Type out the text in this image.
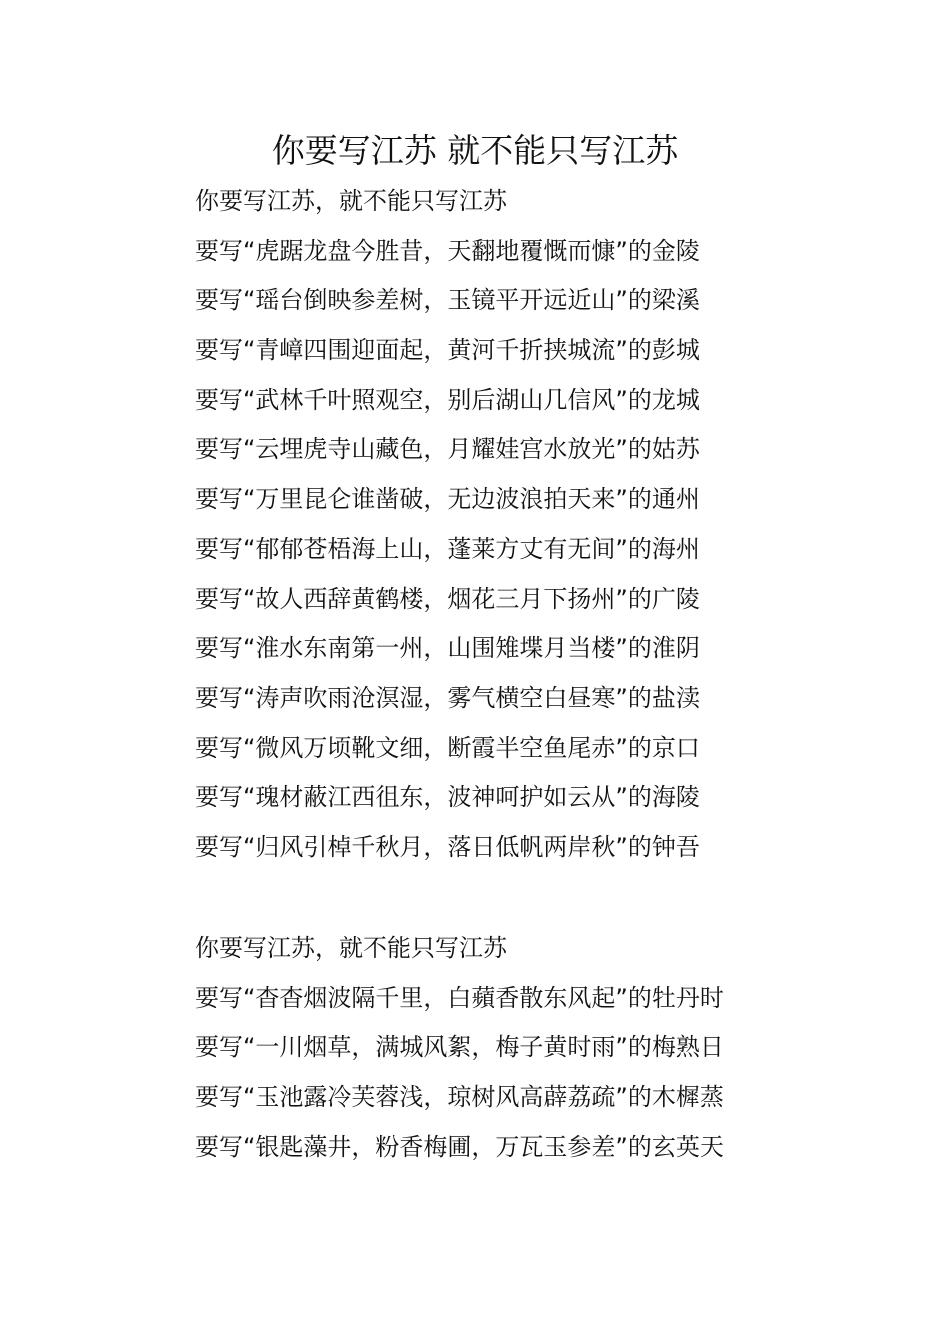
你要写江苏 就不能只写江苏

你要写江苏，就不能只写江苏

要写“虎踞龙盘今胜昔，天翻地覆慨而慷”的金陵

要写“瑶台倒映参差树，玉镜平开远近山”的梁溪

要写“青嶂四围迎面起，黄河千折挟城流”的彭城

要写“武林千叶照观空，别后湖山几信风”的龙城

要写“云埋虎寺山藏色，月耀娃宫水放光”的姑苏

要写“万里昆仑谁凿破，无边波浪拍天来”的通州

要写“郁郁苍梧海上山，蓬莱方丈有无间”的海州

要写“故人西辞黄鹤楼，烟花三月下扬州”的广陵

要写“淮水东南第一州，山围雉堞月当楼”的淮阴

要写“涛声吹雨沧溟湿，雾气横空白昼寒”的盐渎

要写“微风万顷靴文细，断霞半空鱼尾赤”的京口

要写“瑰材蔽江西徂东，波神呵护如云从”的海陵

要写“归风引棹千秋月，落日低帆两岸秋”的钟吾

你要写江苏，就不能只写江苏

要写“杳杳烟波隔千里，白蘋香散东风起”的牡丹时

要写“一川烟草，满城风絮，梅子黄时雨”的梅熟日

要写“玉池露冷芙蓉浅，琼树风高薜荔疏”的木樨蒸

要写“银匙藻井，粉香梅圃，万瓦玉参差”的玄英天
